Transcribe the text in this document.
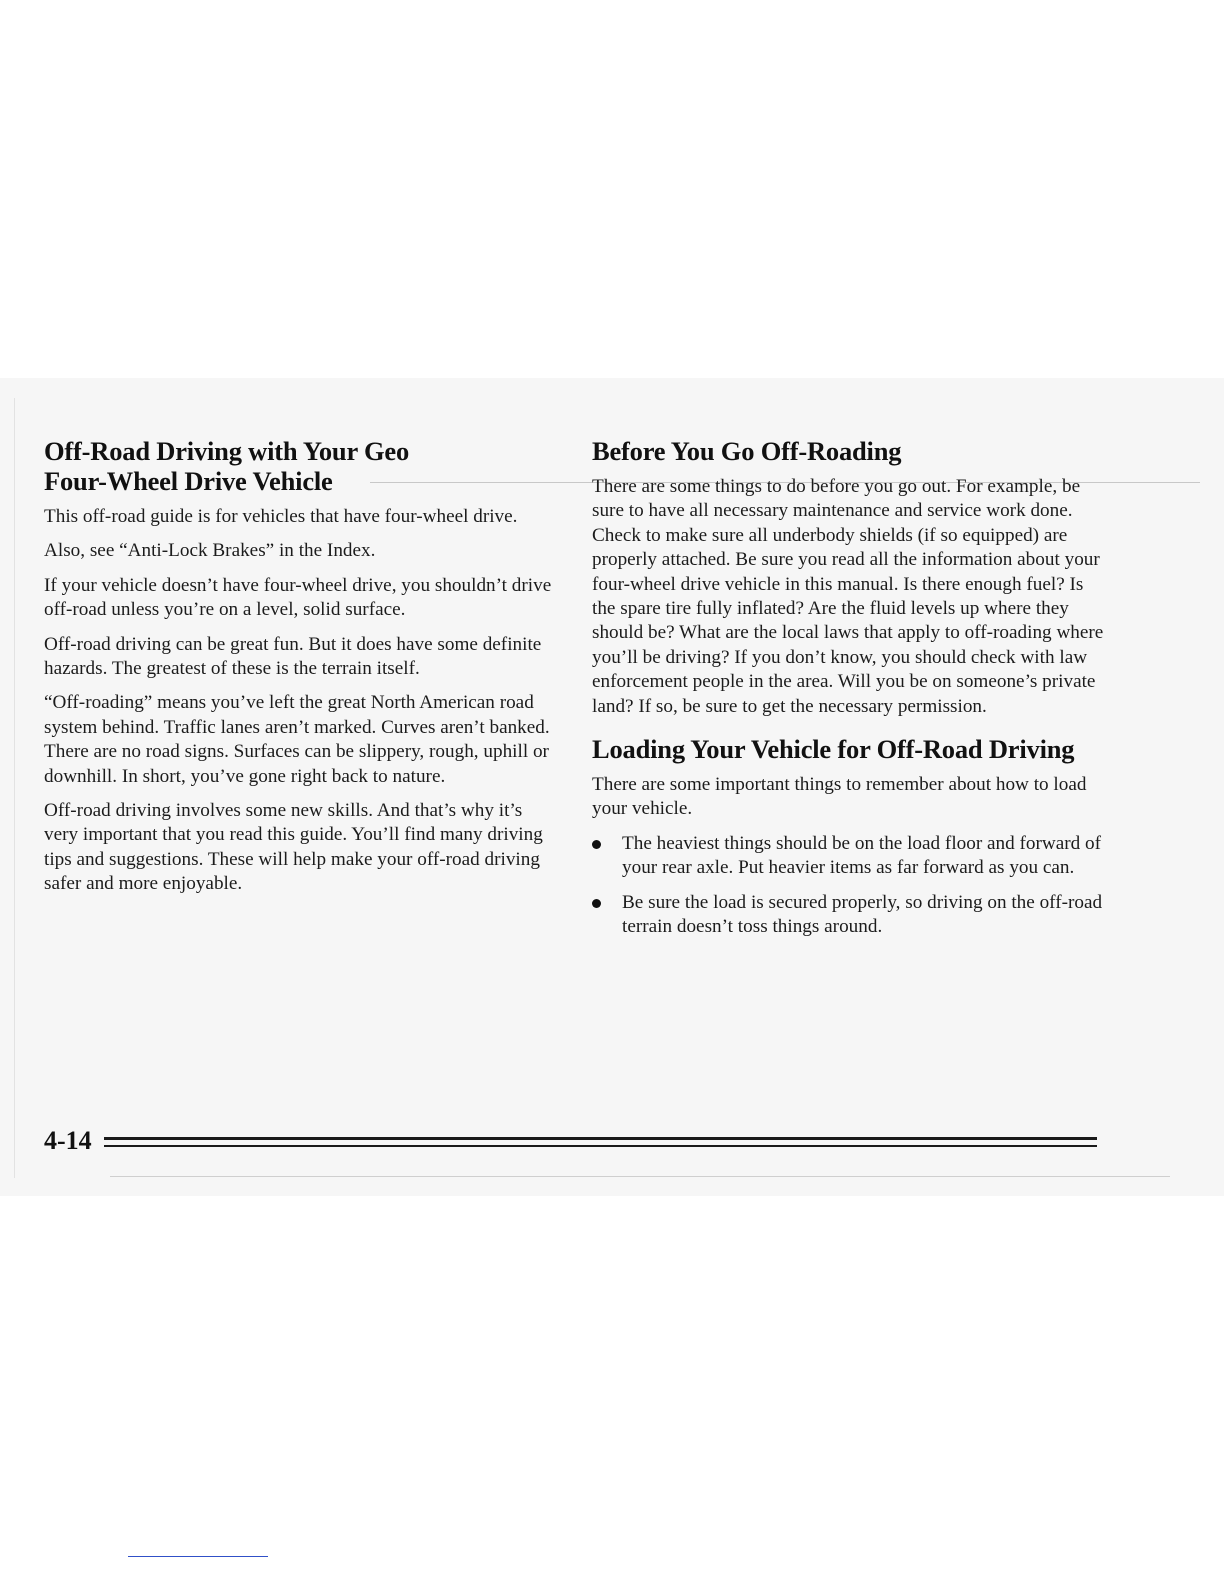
Off-Road Driving with Your Geo
Four-Wheel Drive Vehicle

This off-road guide is for vehicles that have four-wheel drive.

Also, see “Anti-Lock Brakes” in the Index.

If your vehicle doesn’t have four-wheel drive, you shouldn’t drive off-road unless you’re on a level, solid surface.

Off-road driving can be great fun. But it does have some definite hazards. The greatest of these is the terrain itself.

“Off-roading” means you’ve left the great North American road system behind. Traffic lanes aren’t marked. Curves aren’t banked. There are no road signs. Surfaces can be slippery, rough, uphill or downhill. In short, you’ve gone right back to nature.

Off-road driving involves some new skills. And that’s why it’s very important that you read this guide. You’ll find many driving tips and suggestions. These will help make your off-road driving safer and more enjoyable.

Before You Go Off-Roading

There are some things to do before you go out. For example, be sure to have all necessary maintenance and service work done. Check to make sure all underbody shields (if so equipped) are properly attached. Be sure you read all the information about your four-wheel drive vehicle in this manual. Is there enough fuel? Is the spare tire fully inflated? Are the fluid levels up where they should be? What are the local laws that apply to off-roading where you’ll be driving? If you don’t know, you should check with law enforcement people in the area. Will you be on someone’s private land? If so, be sure to get the necessary permission.

Loading Your Vehicle for Off-Road Driving

There are some important things to remember about how to load your vehicle.

The heaviest things should be on the load floor and forward of your rear axle. Put heavier items as far forward as you can.
Be sure the load is secured properly, so driving on the off-road terrain doesn’t toss things around.
4-14
